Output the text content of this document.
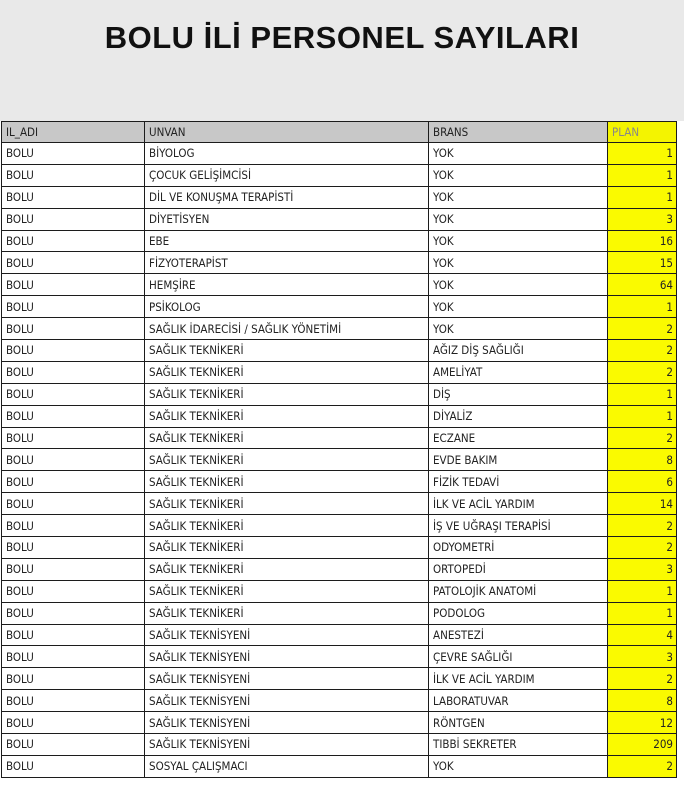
BOLU İLİ PERSONEL SAYILARI
IL_ADI	UNVAN	BRANS	PLAN
BOLU	BİYOLOG	YOK	1
BOLU	ÇOCUK GELİŞİMCİSİ	YOK	1
BOLU	DİL VE KONUŞMA TERAPİSTİ	YOK	1
BOLU	DİYETİSYEN	YOK	3
BOLU	EBE	YOK	16
BOLU	FİZYOTERAPİST	YOK	15
BOLU	HEMŞİRE	YOK	64
BOLU	PSİKOLOG	YOK	1
BOLU	SAĞLIK İDARECİSİ / SAĞLIK YÖNETİMİ	YOK	2
BOLU	SAĞLIK TEKNİKERİ	AĞIZ DİŞ SAĞLIĞI	2
BOLU	SAĞLIK TEKNİKERİ	AMELİYAT	2
BOLU	SAĞLIK TEKNİKERİ	DİŞ	1
BOLU	SAĞLIK TEKNİKERİ	DİYALİZ	1
BOLU	SAĞLIK TEKNİKERİ	ECZANE	2
BOLU	SAĞLIK TEKNİKERİ	EVDE BAKIM	8
BOLU	SAĞLIK TEKNİKERİ	FİZİK TEDAVİ	6
BOLU	SAĞLIK TEKNİKERİ	İLK VE ACİL YARDIM	14
BOLU	SAĞLIK TEKNİKERİ	İŞ VE UĞRAŞI TERAPİSİ	2
BOLU	SAĞLIK TEKNİKERİ	ODYOMETRİ	2
BOLU	SAĞLIK TEKNİKERİ	ORTOPEDİ	3
BOLU	SAĞLIK TEKNİKERİ	PATOLOJİK ANATOMİ	1
BOLU	SAĞLIK TEKNİKERİ	PODOLOG	1
BOLU	SAĞLIK TEKNİSYENİ	ANESTEZİ	4
BOLU	SAĞLIK TEKNİSYENİ	ÇEVRE SAĞLIĞI	3
BOLU	SAĞLIK TEKNİSYENİ	İLK VE ACİL YARDIM	2
BOLU	SAĞLIK TEKNİSYENİ	LABORATUVAR	8
BOLU	SAĞLIK TEKNİSYENİ	RÖNTGEN	12
BOLU	SAĞLIK TEKNİSYENİ	TIBBİ SEKRETER	209
BOLU	SOSYAL ÇALIŞMACI	YOK	2
